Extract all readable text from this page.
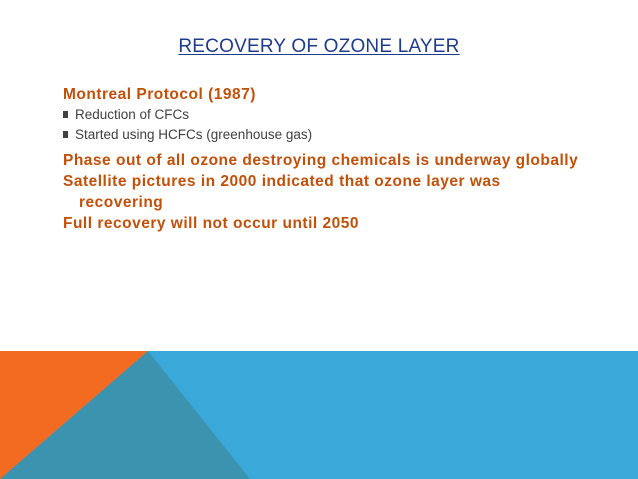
RECOVERY OF OZONE LAYER
Montreal Protocol (1987)
Reduction of CFCs
Started using HCFCs (greenhouse gas)
Phase out of all ozone destroying chemicals is underway globally
Satellite pictures in 2000 indicated that ozone layer was recovering
Full recovery will not occur until 2050
